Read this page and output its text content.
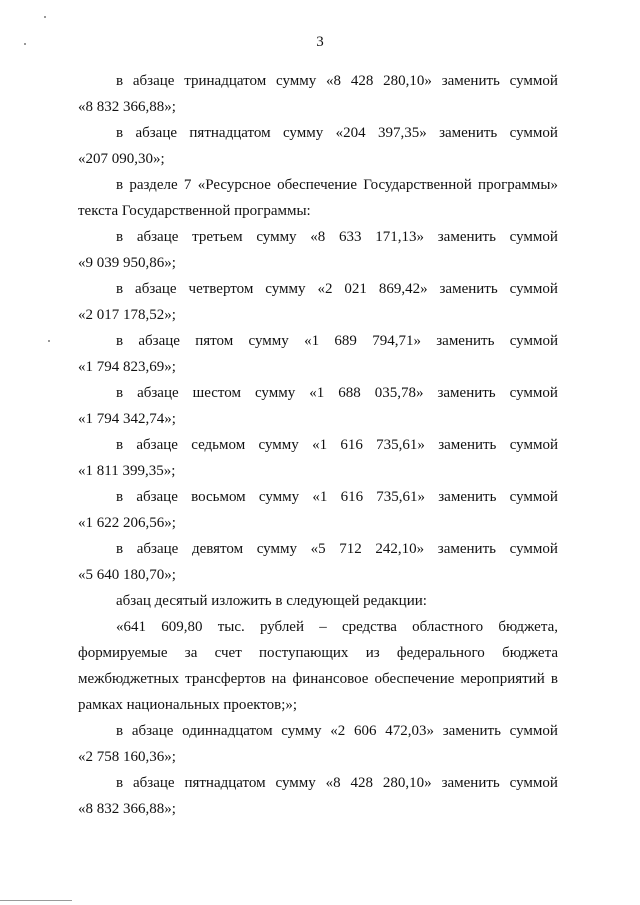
3
в абзаце тринадцатом сумму «8 428 280,10» заменить суммой
«8 832 366,88»;
в абзаце пятнадцатом сумму «204 397,35» заменить суммой
«207 090,30»;
в разделе 7 «Ресурсное обеспечение Государственной программы»
текста Государственной программы:
в абзаце третьем сумму «8 633 171,13» заменить суммой
«9 039 950,86»;
в абзаце четвертом сумму «2 021 869,42» заменить суммой
«2 017 178,52»;
в абзаце пятом сумму «1 689 794,71» заменить суммой
«1 794 823,69»;
в абзаце шестом сумму «1 688 035,78» заменить суммой
«1 794 342,74»;
в абзаце седьмом сумму «1 616 735,61» заменить суммой
«1 811 399,35»;
в абзаце восьмом сумму «1 616 735,61» заменить суммой
«1 622 206,56»;
в абзаце девятом сумму «5 712 242,10» заменить суммой
«5 640 180,70»;
абзац десятый изложить в следующей редакции:
«641 609,80 тыс. рублей – средства областного бюджета,
формируемые за счет поступающих из федерального бюджета
межбюджетных трансфертов на финансовое обеспечение мероприятий в
рамках национальных проектов;»;
в абзаце одиннадцатом сумму «2 606 472,03» заменить суммой
«2 758 160,36»;
в абзаце пятнадцатом сумму «8 428 280,10» заменить суммой
«8 832 366,88»;
